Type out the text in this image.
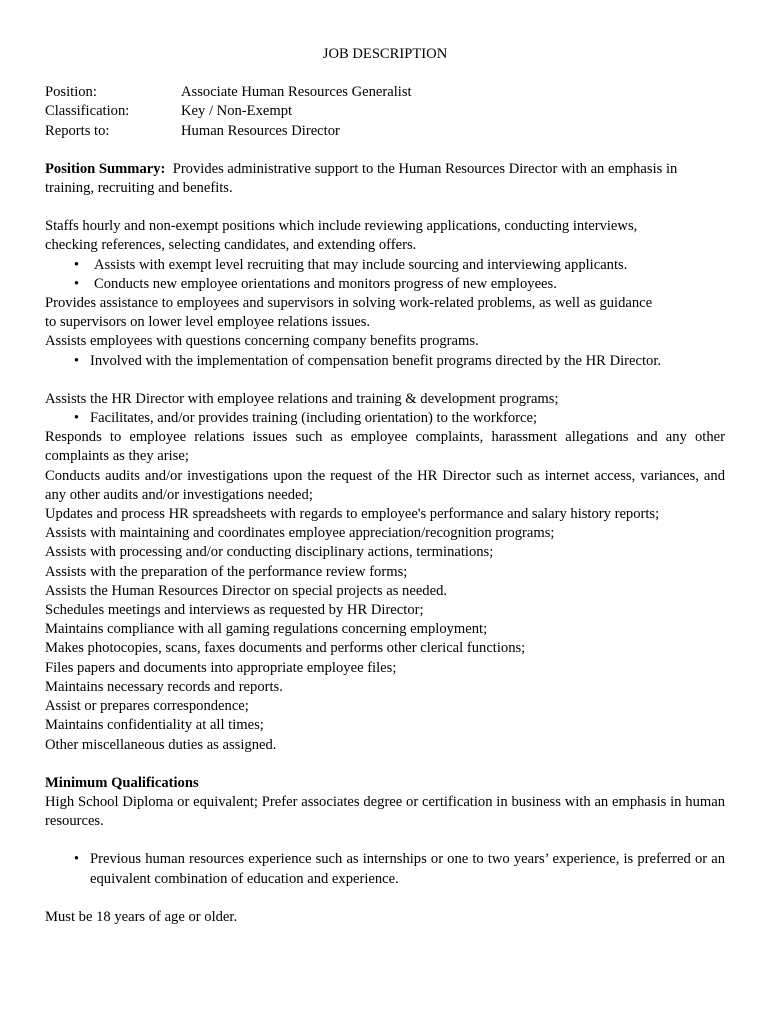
JOB DESCRIPTION
Position:	Associate Human Resources Generalist
Classification:	Key / Non-Exempt
Reports to:	Human Resources Director
Position Summary: Provides administrative support to the Human Resources Director with an emphasis in training, recruiting and benefits.
Staffs hourly and non-exempt positions which include reviewing applications, conducting interviews,
checking references, selecting candidates, and extending offers.
•	Assists with exempt level recruiting that may include sourcing and interviewing applicants.
•	Conducts new employee orientations and monitors progress of new employees.
Provides assistance to employees and supervisors in solving work-related problems, as well as guidance
to supervisors on lower level employee relations issues.
Assists employees with questions concerning company benefits programs.
• Involved with the implementation of compensation benefit programs directed by the HR Director.
Assists the HR Director with employee relations and training & development programs;
• Facilitates, and/or provides training (including orientation) to the workforce;
Responds to employee relations issues such as employee complaints, harassment allegations and any other complaints as they arise;
Conducts audits and/or investigations upon the request of the HR Director such as internet access, variances, and any other audits and/or investigations needed;
Updates and process HR spreadsheets with regards to employee's performance and salary history reports;
Assists with maintaining and coordinates employee appreciation/recognition programs;
Assists with processing and/or conducting disciplinary actions, terminations;
Assists with the preparation of the performance review forms;
Assists the Human Resources Director on special projects as needed.
Schedules meetings and interviews as requested by HR Director;
Maintains compliance with all gaming regulations concerning employment;
Makes photocopies, scans, faxes documents and performs other clerical functions;
Files papers and documents into appropriate employee files;
Maintains necessary records and reports.
Assist or prepares correspondence;
Maintains confidentiality at all times;
Other miscellaneous duties as assigned.
Minimum Qualifications
High School Diploma or equivalent; Prefer associates degree or certification in business with an emphasis in human resources.
• Previous human resources experience such as internships or one to two years’ experience, is preferred or an equivalent combination of education and experience.
Must be 18 years of age or older.
